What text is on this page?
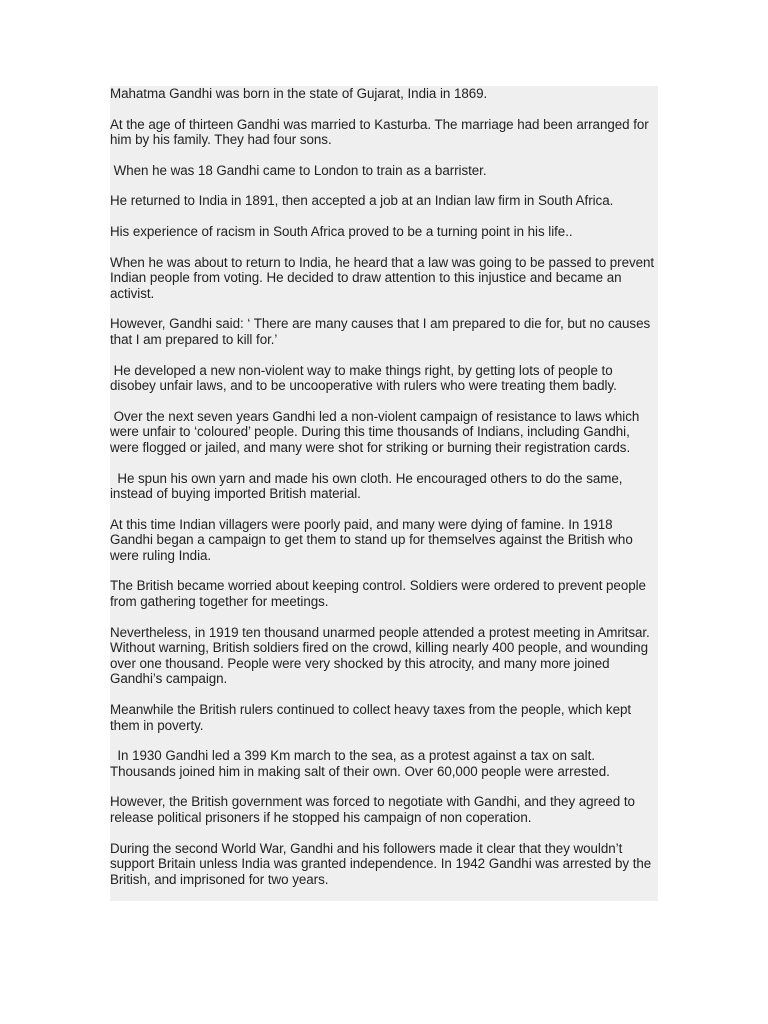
Mahatma Gandhi was born in the state of Gujarat, India in 1869.

At the age of thirteen Gandhi was married to Kasturba. The marriage had been arranged for him by his family. They had four sons.

When he was 18 Gandhi came to London to train as a barrister.

He returned to India in 1891, then accepted a job at an Indian law firm in South Africa.

His experience of racism in South Africa proved to be a turning point in his life..

When he was about to return to India, he heard that a law was going to be passed to prevent Indian people from voting. He decided to draw attention to this injustice and became an activist.

However, Gandhi said: ‘ There are many causes that I am prepared to die for, but no causes that I am prepared to kill for.’

He developed a new non-violent way to make things right, by getting lots of people to disobey unfair laws, and to be uncooperative with rulers who were treating them badly.

Over the next seven years Gandhi led a non-violent campaign of resistance to laws which were unfair to ‘coloured’ people. During this time thousands of Indians, including Gandhi, were flogged or jailed, and many were shot for striking or burning their registration cards.

He spun his own yarn and made his own cloth. He encouraged others to do the same, instead of buying imported British material.

At this time Indian villagers were poorly paid, and many were dying of famine. In 1918 Gandhi began a campaign to get them to stand up for themselves against the British who were ruling India.

The British became worried about keeping control. Soldiers were ordered to prevent people from gathering together for meetings.

Nevertheless, in 1919 ten thousand unarmed people attended a protest meeting in Amritsar. Without warning, British soldiers fired on the crowd, killing nearly 400 people, and wounding over one thousand. People were very shocked by this atrocity, and many more joined Gandhi’s campaign.

Meanwhile the British rulers continued to collect heavy taxes from the people, which kept them in poverty.

In 1930 Gandhi led a 399 Km march to the sea, as a protest against a tax on salt. Thousands joined him in making salt of their own. Over 60,000 people were arrested.

However, the British government was forced to negotiate with Gandhi, and they agreed to release political prisoners if he stopped his campaign of non coperation.

During the second World War, Gandhi and his followers made it clear that they wouldn’t support Britain unless India was granted independence. In 1942 Gandhi was arrested by the British, and imprisoned for two years.
